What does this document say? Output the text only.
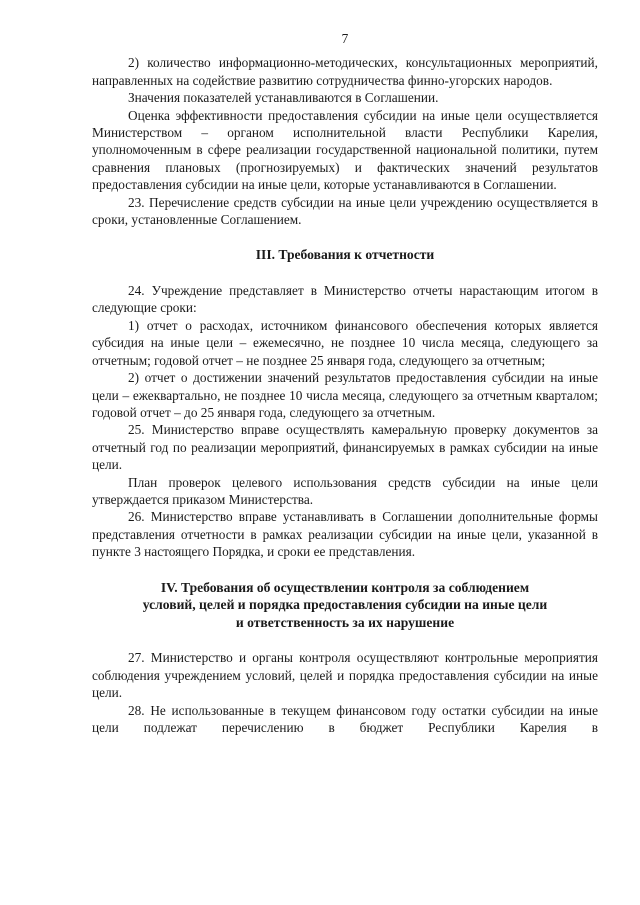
7

2) количество информационно-методических, консультационных мероприятий, направленных на содействие развитию сотрудничества финно-угорских народов.

Значения показателей устанавливаются в Соглашении.

Оценка эффективности предоставления субсидии на иные цели осуществляется Министерством – органом исполнительной власти Республики Карелия, уполномоченным в сфере реализации государственной национальной политики, путем сравнения плановых (прогнозируемых) и фактических значений результатов предоставления субсидии на иные цели, которые устанавливаются в Соглашении.

23. Перечисление средств субсидии на иные цели учреждению осуществляется в сроки, установленные Соглашением.

III. Требования к отчетности

24. Учреждение представляет в Министерство отчеты нарастающим итогом в следующие сроки:

1) отчет о расходах, источником финансового обеспечения которых является субсидия на иные цели – ежемесячно, не позднее 10 числа месяца, следующего за отчетным; годовой отчет – не позднее 25 января года, следующего за отчетным;

2) отчет о достижении значений результатов предоставления субсидии на иные цели – ежеквартально, не позднее 10 числа месяца, следующего за отчетным кварталом; годовой отчет – до 25 января года, следующего за отчетным.

25. Министерство вправе осуществлять камеральную проверку документов за отчетный год по реализации мероприятий, финансируемых в рамках субсидии на иные цели.

План проверок целевого использования средств субсидии на иные цели утверждается приказом Министерства.

26. Министерство вправе устанавливать в Соглашении дополнительные формы представления отчетности в рамках реализации субсидии на иные цели, указанной в пункте 3 настоящего Порядка, и сроки ее представления.

IV. Требования об осуществлении контроля за соблюдением
условий, целей и порядка предоставления субсидии на иные цели
и ответственность за их нарушение

27. Министерство и органы контроля осуществляют контрольные мероприятия соблюдения учреждением условий, целей и порядка предоставления субсидии на иные цели.

28. Не использованные в текущем финансовом году остатки субсидии на иные цели подлежат перечислению в бюджет Республики Карелия в
